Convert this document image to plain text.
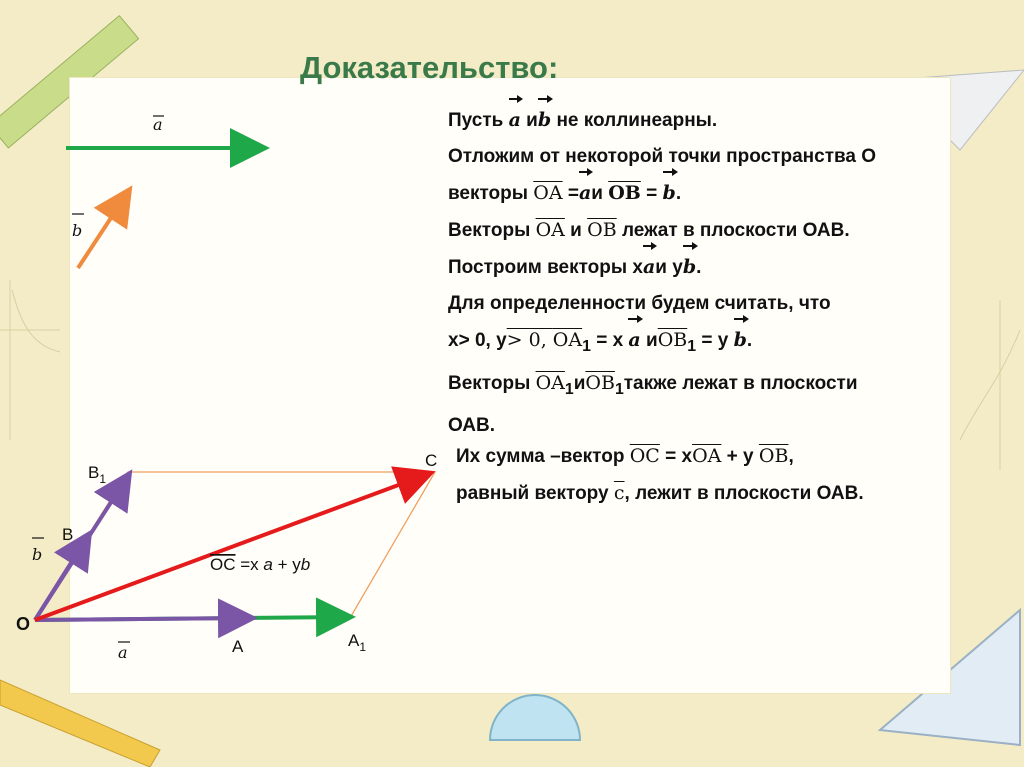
Доказательство:
Пусть a иb не коллинеарны.
Отложим от некоторой точки пространства O
векторы $\overline{OA} =aи$ $\overline{OB} = b$.
Векторы $\overline{OA}$ и $\overline{OB}$ лежат в плоскости ОАВ.
Построим векторы хaи уb.
Для определенности будем считать, что
х> 0, у> 0, $\overline{OA}_1 = x$ a $и\overline{OB}_1 = у$ b.
Векторы $\overline{OA}_1и\overline{OB}_1также$ лежат в плоскости
ОАВ.
Их сумма –вектор $\overline{OC} = х\overline{OA} + у$ $\overline{OB}$,
равный вектору $\overline{c}$, лежит в плоскости ОАВ.
a
b
O
A	$A_1$
B
$B_1$
C
OC =x a + yb
a
b
